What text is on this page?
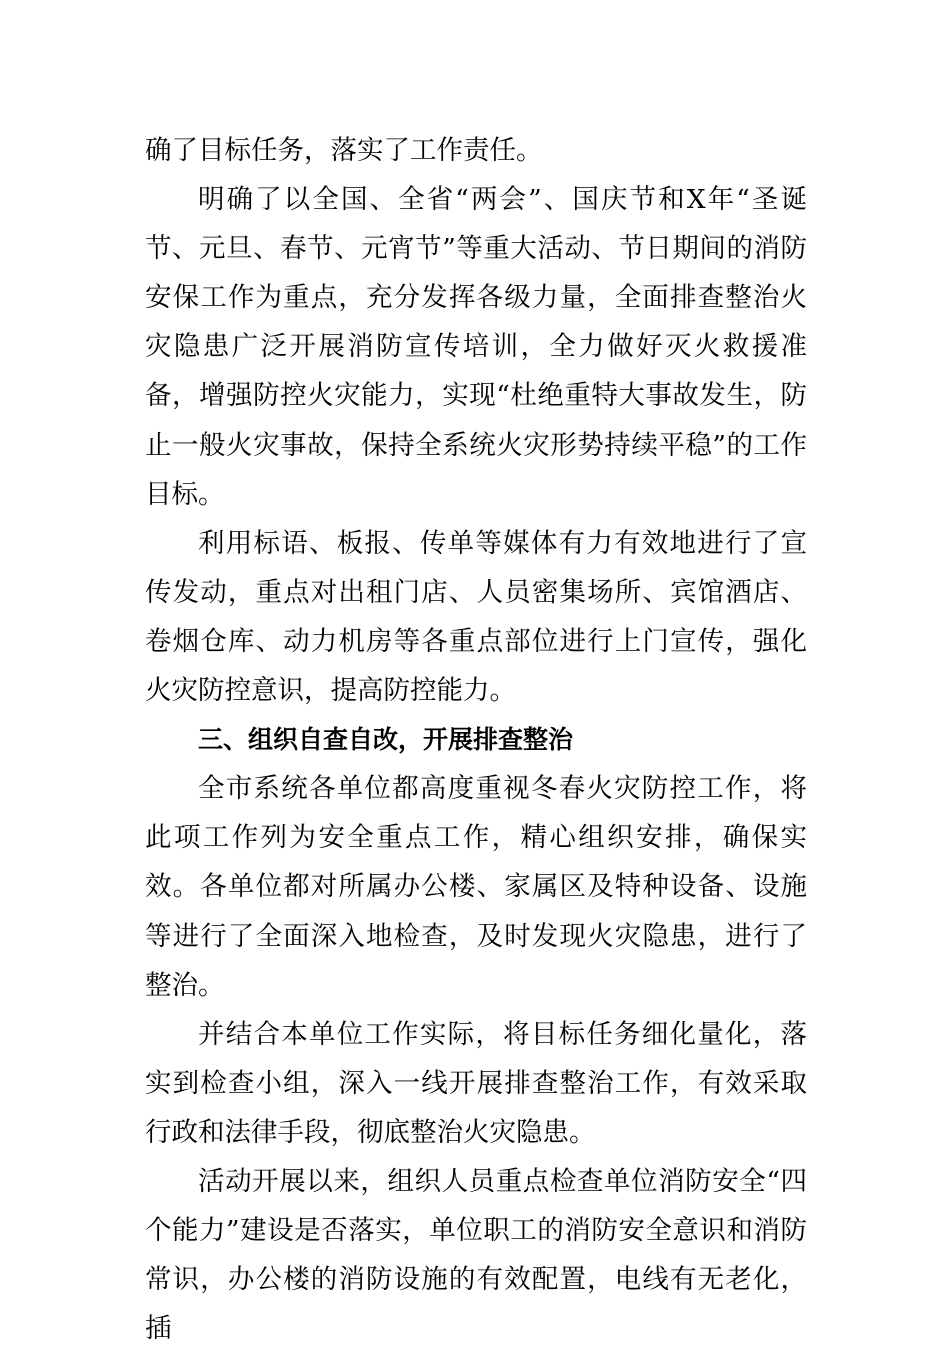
确了目标任务，落实了工作责任。

明确了以全国、全省“两会”、国庆节和X年“圣诞节、元旦、春节、元宵节”等重大活动、节日期间的消防安保工作为重点，充分发挥各级力量，全面排查整治火灾隐患广泛开展消防宣传培训，全力做好灭火救援准备，增强防控火灾能力，实现“杜绝重特大事故发生，防止一般火灾事故，保持全系统火灾形势持续平稳”的工作目标。

利用标语、板报、传单等媒体有力有效地进行了宣传发动，重点对出租门店、人员密集场所、宾馆酒店、卷烟仓库、动力机房等各重点部位进行上门宣传，强化火灾防控意识，提高防控能力。

三、组织自查自改，开展排查整治

全市系统各单位都高度重视冬春火灾防控工作，将此项工作列为安全重点工作，精心组织安排，确保实效。各单位都对所属办公楼、家属区及特种设备、设施等进行了全面深入地检查，及时发现火灾隐患，进行了整治。

并结合本单位工作实际，将目标任务细化量化，落实到检查小组，深入一线开展排查整治工作，有效采取行政和法律手段，彻底整治火灾隐患。

活动开展以来，组织人员重点检查单位消防安全“四个能力”建设是否落实，单位职工的消防安全意识和消防常识，办公楼的消防设施的有效配置，电线有无老化，插
